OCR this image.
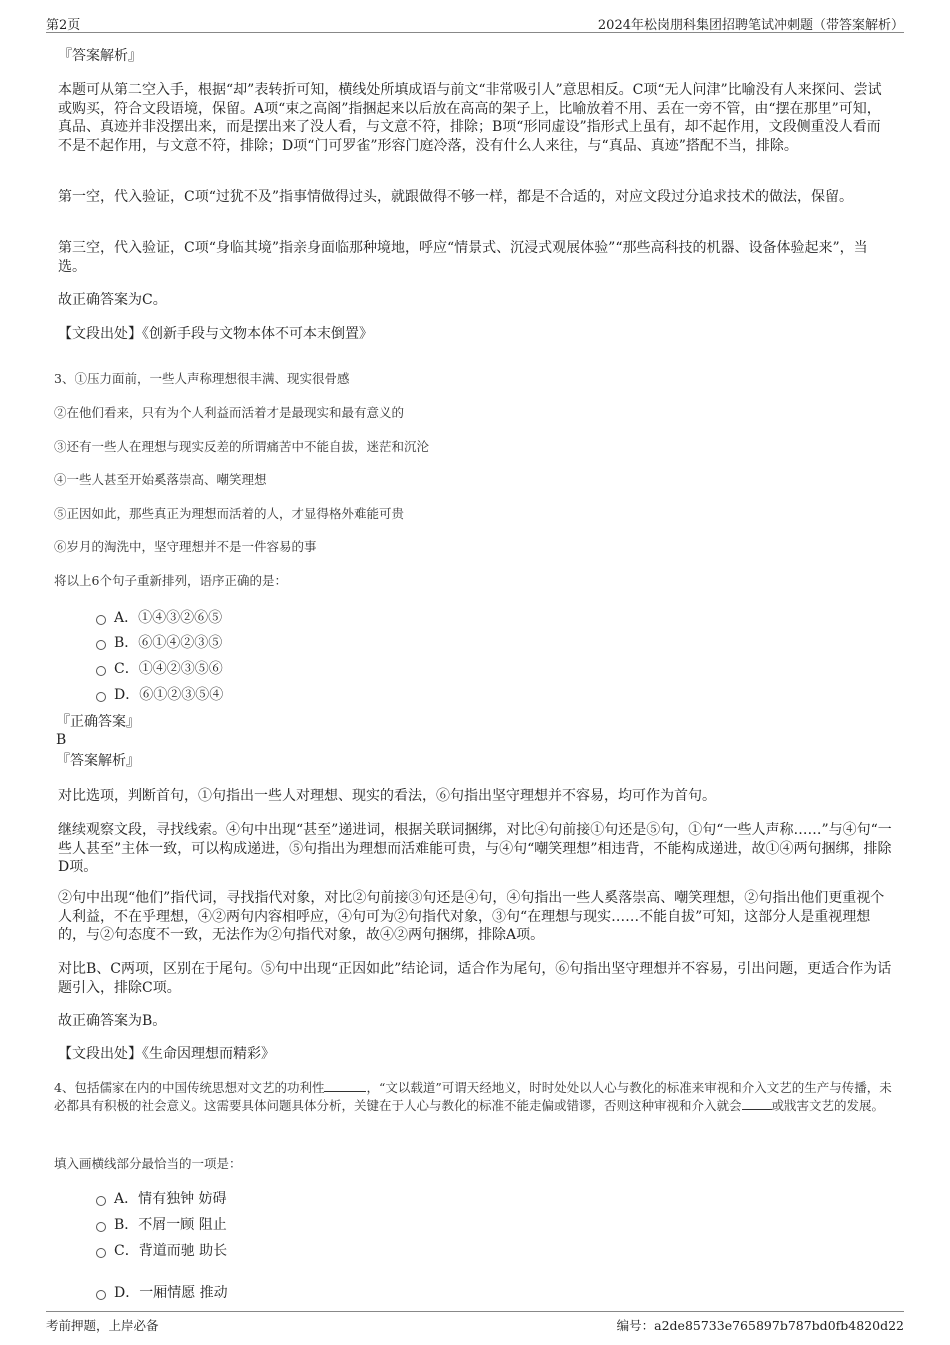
第2页	2024年松岗朋科集团招聘笔试冲刺题（带答案解析）
『答案解析』

本题可从第二空入手，根据“却”表转折可知，横线处所填成语与前文“非常吸引人”意思相反。C项“无人问津”比喻没有人来探问、尝试或购买，符合文段语境，保留。A项“束之高阁”指捆起来以后放在高高的架子上，比喻放着不用、丢在一旁不管，由“摆在那里”可知，真品、真迹并非没摆出来，而是摆出来了没人看，与文意不符，排除；B项“形同虚设”指形式上虽有，却不起作用，文段侧重没人看而不是不起作用，与文意不符，排除；D项“门可罗雀”形容门庭冷落，没有什么人来往，与“真品、真迹”搭配不当，排除。

第一空，代入验证，C项“过犹不及”指事情做得过头，就跟做得不够一样，都是不合适的，对应文段过分追求技术的做法，保留。

第三空，代入验证，C项“身临其境”指亲身面临那种境地，呼应“情景式、沉浸式观展体验”“那些高科技的机器、设备体验起来”，当选。

故正确答案为C。

【文段出处】《创新手段与文物本体不可本末倒置》

3、①压力面前，一些人声称理想很丰满、现实很骨感
②在他们看来，只有为个人利益而活着才是最现实和最有意义的
③还有一些人在理想与现实反差的所谓痛苦中不能自拔，迷茫和沉沦
④一些人甚至开始奚落崇高、嘲笑理想
⑤正因如此，那些真正为理想而活着的人，才显得格外难能可贵
⑥岁月的淘洗中，坚守理想并不是一件容易的事
将以上6个句子重新排列，语序正确的是：
A．①④③②⑥⑤
B．⑥①④②③⑤
C．①④②③⑤⑥
D．⑥①②③⑤④
『正确答案』
B
『答案解析』

对比选项，判断首句，①句指出一些人对理想、现实的看法，⑥句指出坚守理想并不容易，均可作为首句。

继续观察文段，寻找线索。④句中出现“甚至”递进词，根据关联词捆绑，对比④句前接①句还是⑤句，①句“一些人声称……”与④句“一些人甚至”主体一致，可以构成递进，⑤句指出为理想而活难能可贵，与④句“嘲笑理想”相违背，不能构成递进，故①④两句捆绑，排除D项。

②句中出现“他们”指代词，寻找指代对象，对比②句前接③句还是④句，④句指出一些人奚落崇高、嘲笑理想，②句指出他们更重视个人利益，不在乎理想，④②两句内容相呼应，④句可为②句指代对象，③句“在理想与现实……不能自拔”可知，这部分人是重视理想的，与②句态度不一致，无法作为②句指代对象，故④②两句捆绑，排除A项。

对比B、C两项，区别在于尾句。⑤句中出现“正因如此”结论词，适合作为尾句，⑥句指出坚守理想并不容易，引出问题，更适合作为话题引入，排除C项。

故正确答案为B。

【文段出处】《生命因理想而精彩》

4、包括儒家在内的中国传统思想对文艺的功利性	，“文以载道”可谓天经地义，时时处处以人心与教化的标准来审视和介入文艺的生产与传播，未必都具有积极的社会意义。这需要具体问题具体分析，关键在于人心与教化的标准不能走偏或错谬，否则这种审视和介入就会 或戕害文艺的发展。

填入画横线部分最恰当的一项是：
A．情有独钟 妨碍
B．不屑一顾 阻止
C．背道而驰 助长
D．一厢情愿 推动
考前押题，上岸必备	编号：a2de85733e765897b787bd0fb4820d22
